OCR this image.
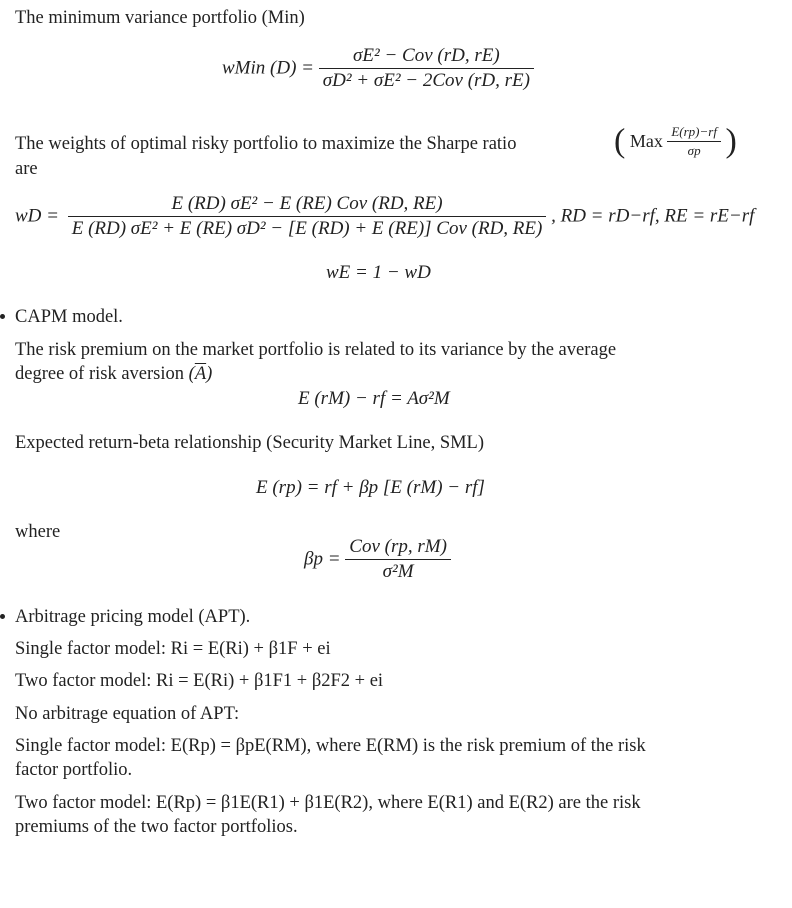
The minimum variance portfolio (Min)
wMin $(D) = \frac{\text{σE² − Cov (rD, rE)}}{\text{σD² + σE² − 2Cov (rD, rE)}}$
The weights of optimal risky portfolio to maximize the Sharpe ratio	( Max $\frac{E(rp)-rf}{\sigma p}$ )
are
wD = $\frac{\text{E (RD) σE² − E (RE) Cov (RD, RE)}}{\text{E (RD) σE² + E (RE) σD² − [E (RD) + E (RE)] Cov (RD, RE)}}$ , RD = rD−rf, RE = rE−rf
wE = 1 − wD
CAPM model.
The risk premium on the market portfolio is related to its variance by the average
degree of risk aversion $(\overline{A})$
E (rM) − rf = Aσ²M
Expected return-beta relationship (Security Market Line, SML)
E (rp) = rf + βp [E (rM) − rf]
where
$\beta p = \frac{\text{Cov (rp, rM)}}{\text{σ²M}}$
Arbitrage pricing model (APT).
Single factor model: Ri = E(Ri) + β1F + ei
Two factor model: Ri = E(Ri) + β1F1 + β2F2 + ei
No arbitrage equation of APT:
Single factor model: E(Rp) = βpE(RM), where E(RM) is the risk premium of the risk
factor portfolio.
Two factor model: E(Rp) = β1E(R1) + β1E(R2), where E(R1) and E(R2) are the risk
premiums of the two factor portfolios.
